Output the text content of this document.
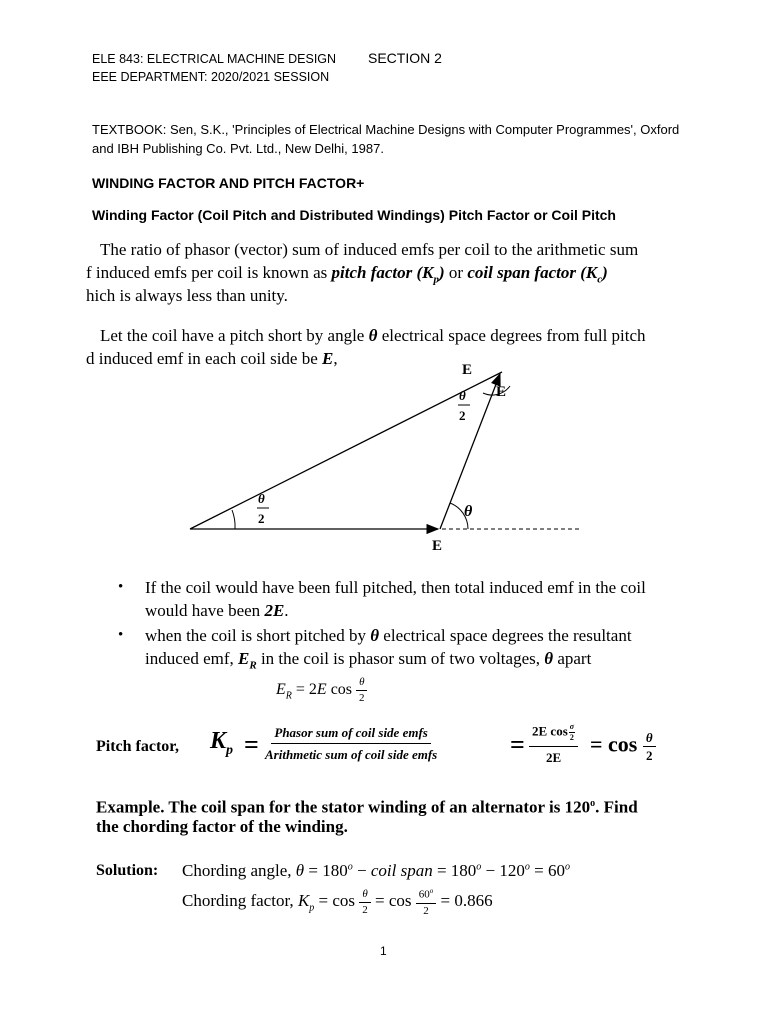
ELE 843: ELECTRICAL MACHINE DESIGN SECTION 2
EEE DEPARTMENT: 2020/2021 SESSION
TEXTBOOK: Sen, S.K., 'Principles of Electrical Machine Designs with Computer Programmes', Oxford
and IBH Publishing Co. Pvt. Ltd., New Delhi, 1987.
WINDING FACTOR AND PITCH FACTOR+
Winding Factor (Coil Pitch and Distributed Windings) Pitch Factor or Coil Pitch
The ratio of phasor (vector) sum of induced emfs per coil to the arithmetic sum
f induced emfs per coil is known as pitch factor $(K_p)$ or coil span factor $(K_c)$
hich is always less than unity.
Let the coil have a pitch short by angle θ electrical space degrees from full pitch
d induced emf in each coil side be E,
E
E
E
θ
θ
2
θ
2
• If the coil would have been full pitched, then total induced emf in the coil would have been 2E.
• when the coil is short pitched by θ electrical space degrees the resultant induced emf, $E_R$ in the coil is phasor sum of two voltages, θ apart
$E_R = 2E$ $\cos \frac{\theta}{2}$
Pitch factor, $K_p = \frac{\text{Phasor sum of coil side emfs}}{\text{Arithmetic sum of coil side emfs}}$	= $\frac{2E \cos \frac{\sigma}{2}}{2E} = \cos \frac{\theta}{2}$
Example. The coil span for the stator winding of an alternator is 120$^o$. Find
the chording factor of the winding.
Solution: Chording angle, $\theta = 180^o$ − coil span = $180^o - 120^o = 60^o$
Chording factor, $K_p = \cos \frac{\theta}{2} = \cos \frac{60^o}{2} = 0.866$
1
